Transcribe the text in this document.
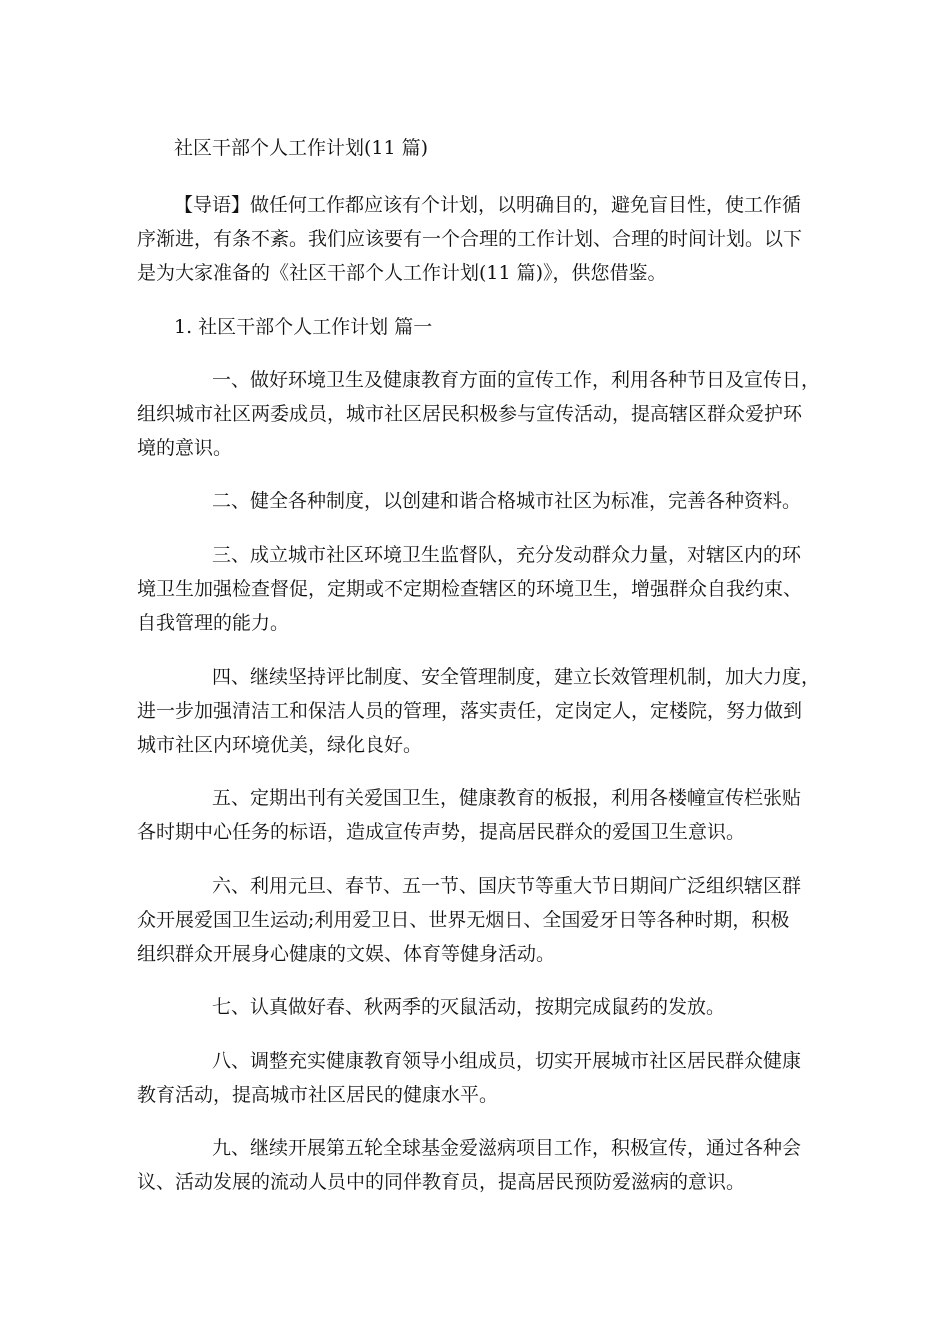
社区干部个人工作计划(11 篇)

【导语】做任何工作都应该有个计划，以明确目的，避免盲目性，使工作循

序渐进，有条不紊。我们应该要有一个合理的工作计划、合理的时间计划。以下

是为大家准备的《社区干部个人工作计划(11 篇)》，供您借鉴。

1. 社区干部个人工作计划 篇一

一、做好环境卫生及健康教育方面的宣传工作，利用各种节日及宣传日，

组织城市社区两委成员，城市社区居民积极参与宣传活动，提高辖区群众爱护环

境的意识。

二、健全各种制度，以创建和谐合格城市社区为标准，完善各种资料。

三、成立城市社区环境卫生监督队，充分发动群众力量，对辖区内的环

境卫生加强检查督促，定期或不定期检查辖区的环境卫生，增强群众自我约束、

自我管理的能力。

四、继续坚持评比制度、安全管理制度，建立长效管理机制，加大力度，

进一步加强清洁工和保洁人员的管理，落实责任，定岗定人，定楼院，努力做到

城市社区内环境优美，绿化良好。

五、定期出刊有关爱国卫生，健康教育的板报，利用各楼幢宣传栏张贴

各时期中心任务的标语，造成宣传声势，提高居民群众的爱国卫生意识。

六、利用元旦、春节、五一节、国庆节等重大节日期间广泛组织辖区群

众开展爱国卫生运动;利用爱卫日、世界无烟日、全国爱牙日等各种时期，积极

组织群众开展身心健康的文娱、体育等健身活动。

七、认真做好春、秋两季的灭鼠活动，按期完成鼠药的发放。

八、调整充实健康教育领导小组成员，切实开展城市社区居民群众健康

教育活动，提高城市社区居民的健康水平。

九、继续开展第五轮全球基金爱滋病项目工作，积极宣传，通过各种会

议、活动发展的流动人员中的同伴教育员，提高居民预防爱滋病的意识。
